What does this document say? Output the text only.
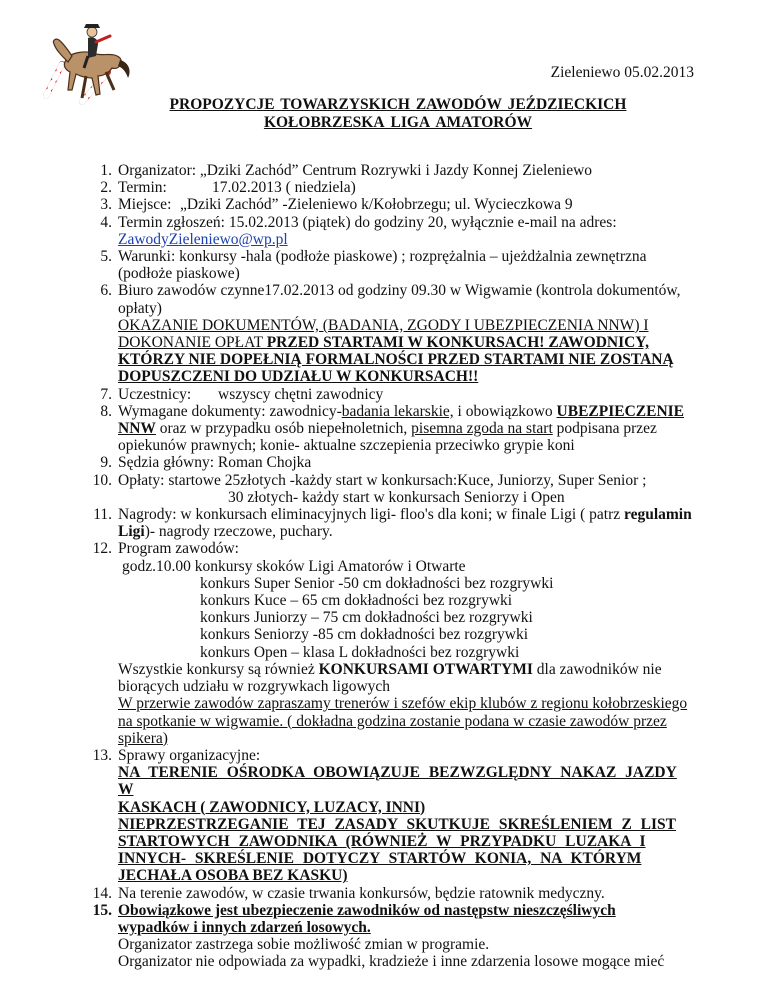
Zieleniewo 05.02.2013
PROPOZYCJE TOWARZYSKICH ZAWODÓW JEŹDZIECKICH
KOŁOBRZESKA LIGA AMATORÓW
1. Organizator: „Dziki Zachód” Centrum Rozrywki i Jazdy Konnej Zieleniewo
2. Termin:	17.02.2013 ( niedziela)
3. Miejsce: „Dziki Zachód” -Zieleniewo k/Kołobrzegu; ul. Wycieczkowa 9
4. Termin zgłoszeń: 15.02.2013 (piątek) do godziny 20, wyłącznie e-mail na adres:
ZawodyZieleniewo@wp.pl
5. Warunki: konkursy -hala (podłoże piaskowe) ; rozprężalnia – ujeżdżalnia zewnętrzna
(podłoże piaskowe)
6. Biuro zawodów czynne17.02.2013 od godziny 09.30 w Wigwamie (kontrola dokumentów,
opłaty)
OKAZANIE DOKUMENTÓW, (BADANIA, ZGODY I UBEZPIECZENIA NNW) I
DOKONANIE OPŁAT PRZED STARTAMI W KONKURSACH! ZAWODNICY,
KTÓRZY NIE DOPEŁNIĄ FORMALNOŚCI PRZED STARTAMI NIE ZOSTANĄ
DOPUSZCZENI DO UDZIAŁU W KONKURSACH!!
7. Uczestnicy: wszyscy chętni zawodnicy
8. Wymagane dokumenty: zawodnicy-badania lekarskie, i obowiązkowo UBEZPIECZENIE
NNW oraz w przypadku osób niepełnoletnich, pisemna zgoda na start podpisana przez
opiekunów prawnych; konie- aktualne szczepienia przeciwko grypie koni
9. Sędzia główny: Roman Chojka
10. Opłaty: startowe 25złotych -każdy start w konkursach:Kuce, Juniorzy, Super Senior ;
30 złotych- każdy start w konkursach Seniorzy i Open
11. Nagrody: w konkursach eliminacyjnych ligi- floo's dla koni; w finale Ligi ( patrz regulamin
Ligi)- nagrody rzeczowe, puchary.
12. Program zawodów:
godz.10.00 konkursy skoków Ligi Amatorów i Otwarte
konkurs Super Senior -50 cm dokładności bez rozgrywki
konkurs Kuce – 65 cm dokładności bez rozgrywki
konkurs Juniorzy – 75 cm dokładności bez rozgrywki
konkurs Seniorzy -85 cm dokładności bez rozgrywki
konkurs Open – klasa L dokładności bez rozgrywki
Wszystkie konkursy są również KONKURSAMI OTWARTYMI dla zawodników nie
biorących udziału w rozgrywkach ligowych
W przerwie zawodów zapraszamy trenerów i szefów ekip klubów z regionu kołobrzeskiego
na spotkanie w wigwamie. ( dokładna godzina zostanie podana w czasie zawodów przez
spikera)
13. Sprawy organizacyjne:
NA TERENIE OŚRODKA OBOWIĄZUJE BEZWZGLĘDNY NAKAZ JAZDY W
KASKACH ( ZAWODNICY, LUZACY, INNI)
NIEPRZESTRZEGANIE TEJ ZASADY SKUTKUJE SKREŚLENIEM Z LIST
STARTOWYCH ZAWODNIKA (RÓWNIEŻ W PRZYPADKU LUZAKA I
INNYCH- SKREŚLENIE DOTYCZY STARTÓW KONIA, NA KTÓRYM
JECHAŁA OSOBA BEZ KASKU)
14. Na terenie zawodów, w czasie trwania konkursów, będzie ratownik medyczny.
15. Obowiązkowe jest ubezpieczenie zawodników od następstw nieszczęśliwych
wypadków i innych zdarzeń losowych.
Organizator zastrzega sobie możliwość zmian w programie.
Organizator nie odpowiada za wypadki, kradzieże i inne zdarzenia losowe mogące mieć
